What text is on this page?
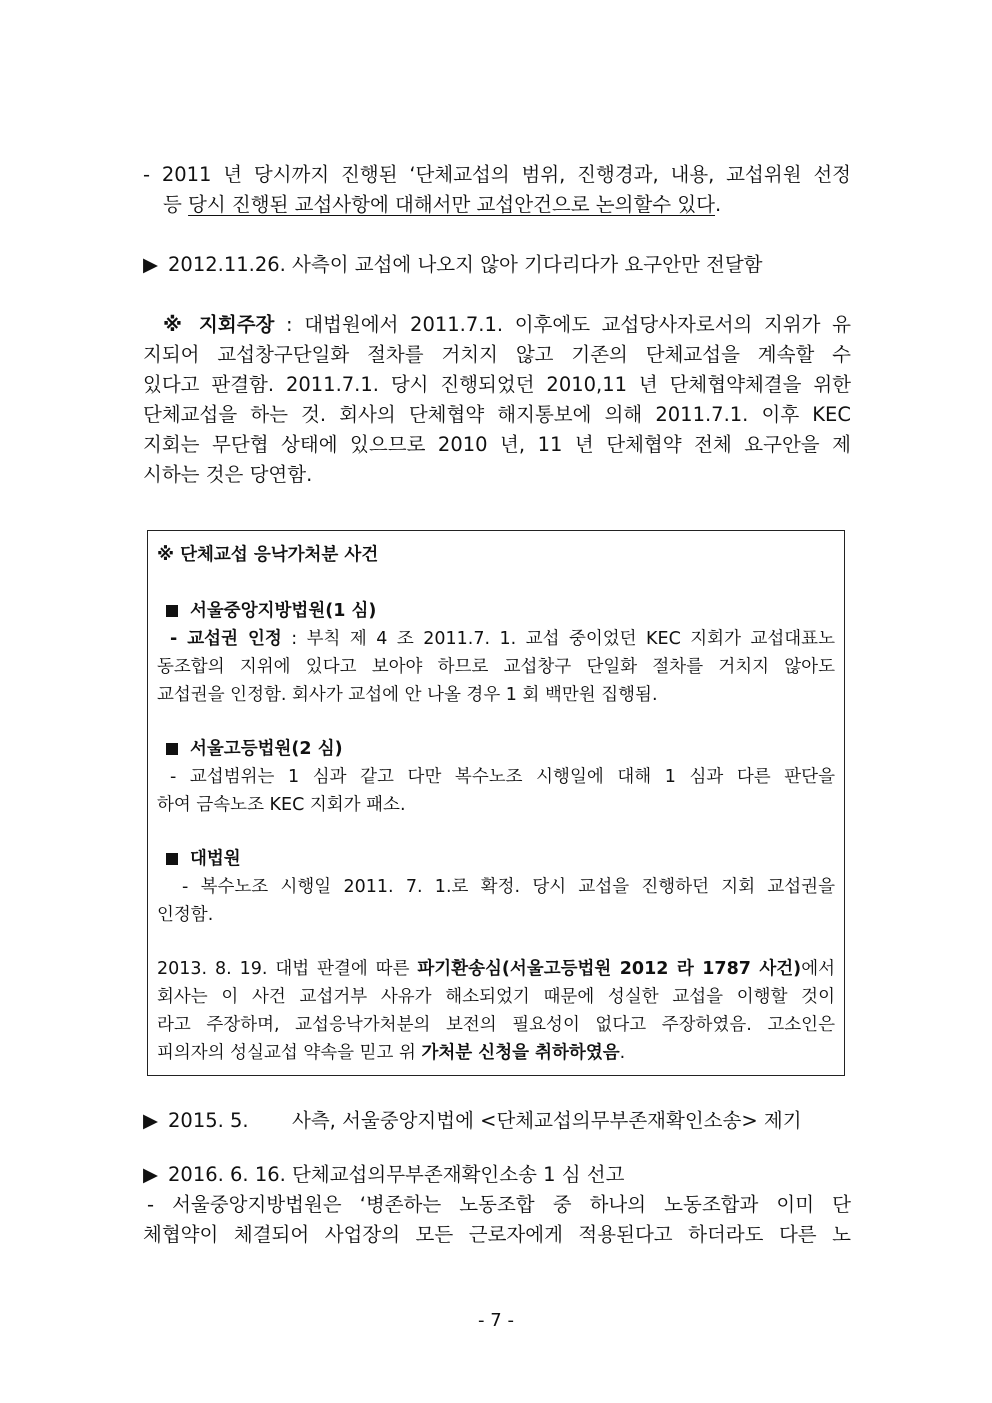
- 2011 년 당시까지 진행된 ‘단체교섭의 범위, 진행경과, 내용, 교섭위원 선정
등 당시 진행된 교섭사항에 대해서만 교섭안건으로 논의할수 있다.
▶ 2012.11.26. 사측이 교섭에 나오지 않아 기다리다가 요구안만 전달함
※ 지회주장 : 대법원에서 2011.7.1. 이후에도 교섭당사자로서의 지위가 유
지되어 교섭창구단일화 절차를 거치지 않고 기존의 단체교섭을 계속할 수
있다고 판결함. 2011.7.1. 당시 진행되었던 2010,11 년 단체협약체결을 위한
단체교섭을 하는 것. 회사의 단체협약 해지통보에 의해 2011.7.1. 이후 KEC
지회는 무단협 상태에 있으므로 2010 년, 11 년 단체협약 전체 요구안을 제
시하는 것은 당연함.
※ 단체교섭 응낙가처분 사건
서울중앙지방법원(1 심)
- 교섭권 인정 : 부칙 제 4 조 2011.7. 1. 교섭 중이었던 KEC 지회가 교섭대표노
동조합의 지위에 있다고 보아야 하므로 교섭창구 단일화 절차를 거치지 않아도
교섭권을 인정함. 회사가 교섭에 안 나올 경우 1 회 백만원 집행됨.
서울고등법원(2 심)
- 교섭범위는 1 심과 같고 다만 복수노조 시행일에 대해 1 심과 다른 판단을
하여 금속노조 KEC 지회가 패소.
대법원
- 복수노조 시행일 2011. 7. 1.로 확정. 당시 교섭을 진행하던 지회 교섭권을
인정함.
2013. 8. 19. 대법 판결에 따른 파기환송심(서울고등법원 2012 라 1787 사건)에서
회사는 이 사건 교섭거부 사유가 해소되었기 때문에 성실한 교섭을 이행할 것이
라고 주장하며, 교섭응낙가처분의 보전의 필요성이 없다고 주장하였음. 고소인은
피의자의 성실교섭 약속을 믿고 위 가처분 신청을 취하하였음.
▶ 2015. 5. 사측, 서울중앙지법에 <단체교섭의무부존재확인소송> 제기
▶ 2016. 6. 16. 단체교섭의무부존재확인소송 1 심 선고
- 서울중앙지방법원은 ‘병존하는 노동조합 중 하나의 노동조합과 이미 단
체협약이 체결되어 사업장의 모든 근로자에게 적용된다고 하더라도 다른 노
- 7 -
